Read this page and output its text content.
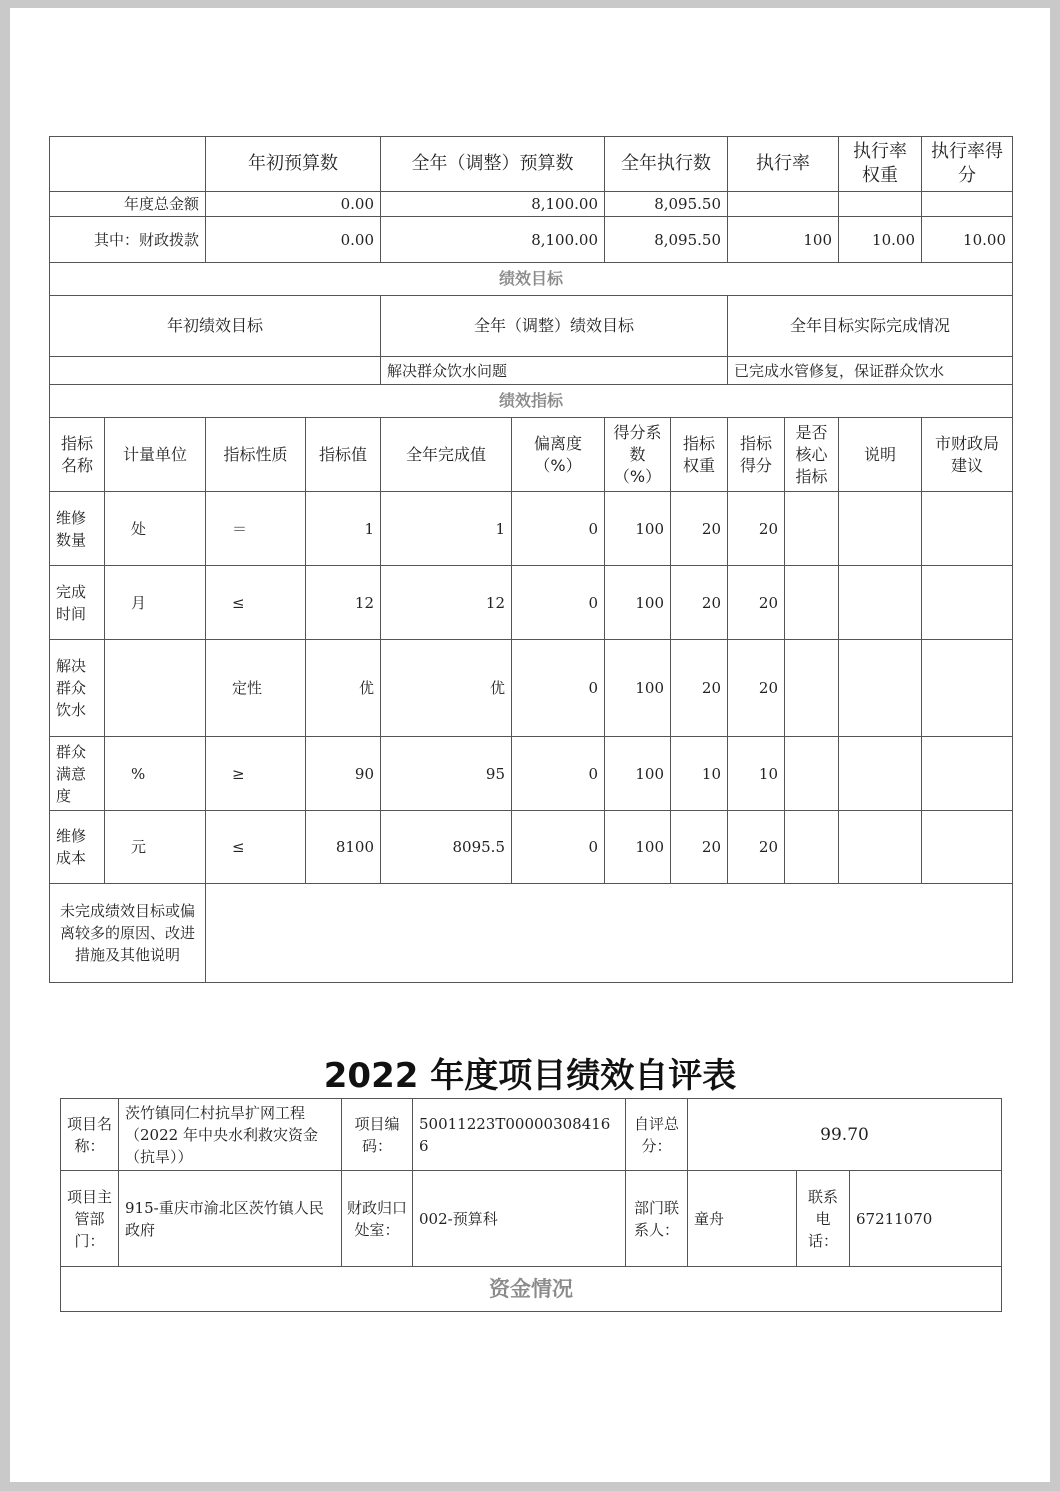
		年初预算数		全年（调整）预算数		全年执行数		执行率		执行率权重	执行率得分
年度总金额		0.00		8,100.00		8,095.50					
其中：财政拨款		0.00		8,100.00		8,095.50		100		10.00	10.00
绩效目标											
年初绩效目标				全年（调整）绩效目标				全年目标实际完成情况			
				解决群众饮水问题				已完成水管修复，保证群众饮水			
绩效指标											
指标名称	计量单位	指标性质	指标值	全年完成值	偏离度（%）	得分系数（%）	指标权重	指标得分	是否核心指标	说明	市财政局建议
维修数量	处	＝	1	1	0	100	20	20			
完成时间	月	≤	12	12	0	100	20	20			
解决群众饮水		定性	优	优	0	100	20	20			
群众满意度	%	≥	90	95	0	100	10	10			
维修成本	元	≤	8100	8095.5	0	100	20	20			
未完成绩效目标或偏离较多的原因、改进措施及其他说明											
2022 年度项目绩效自评表
项目名称：	茨竹镇同仁村抗旱扩网工程（2022 年中央水利救灾资金（抗旱））	项目编码：	50011223T000003084166	自评总分：	99.70		
项目主管部门：	915-重庆市渝北区茨竹镇人民政府	财政归口处室：	002-预算科	部门联系人：	童舟	联系电话：	67211070
资金情况							
